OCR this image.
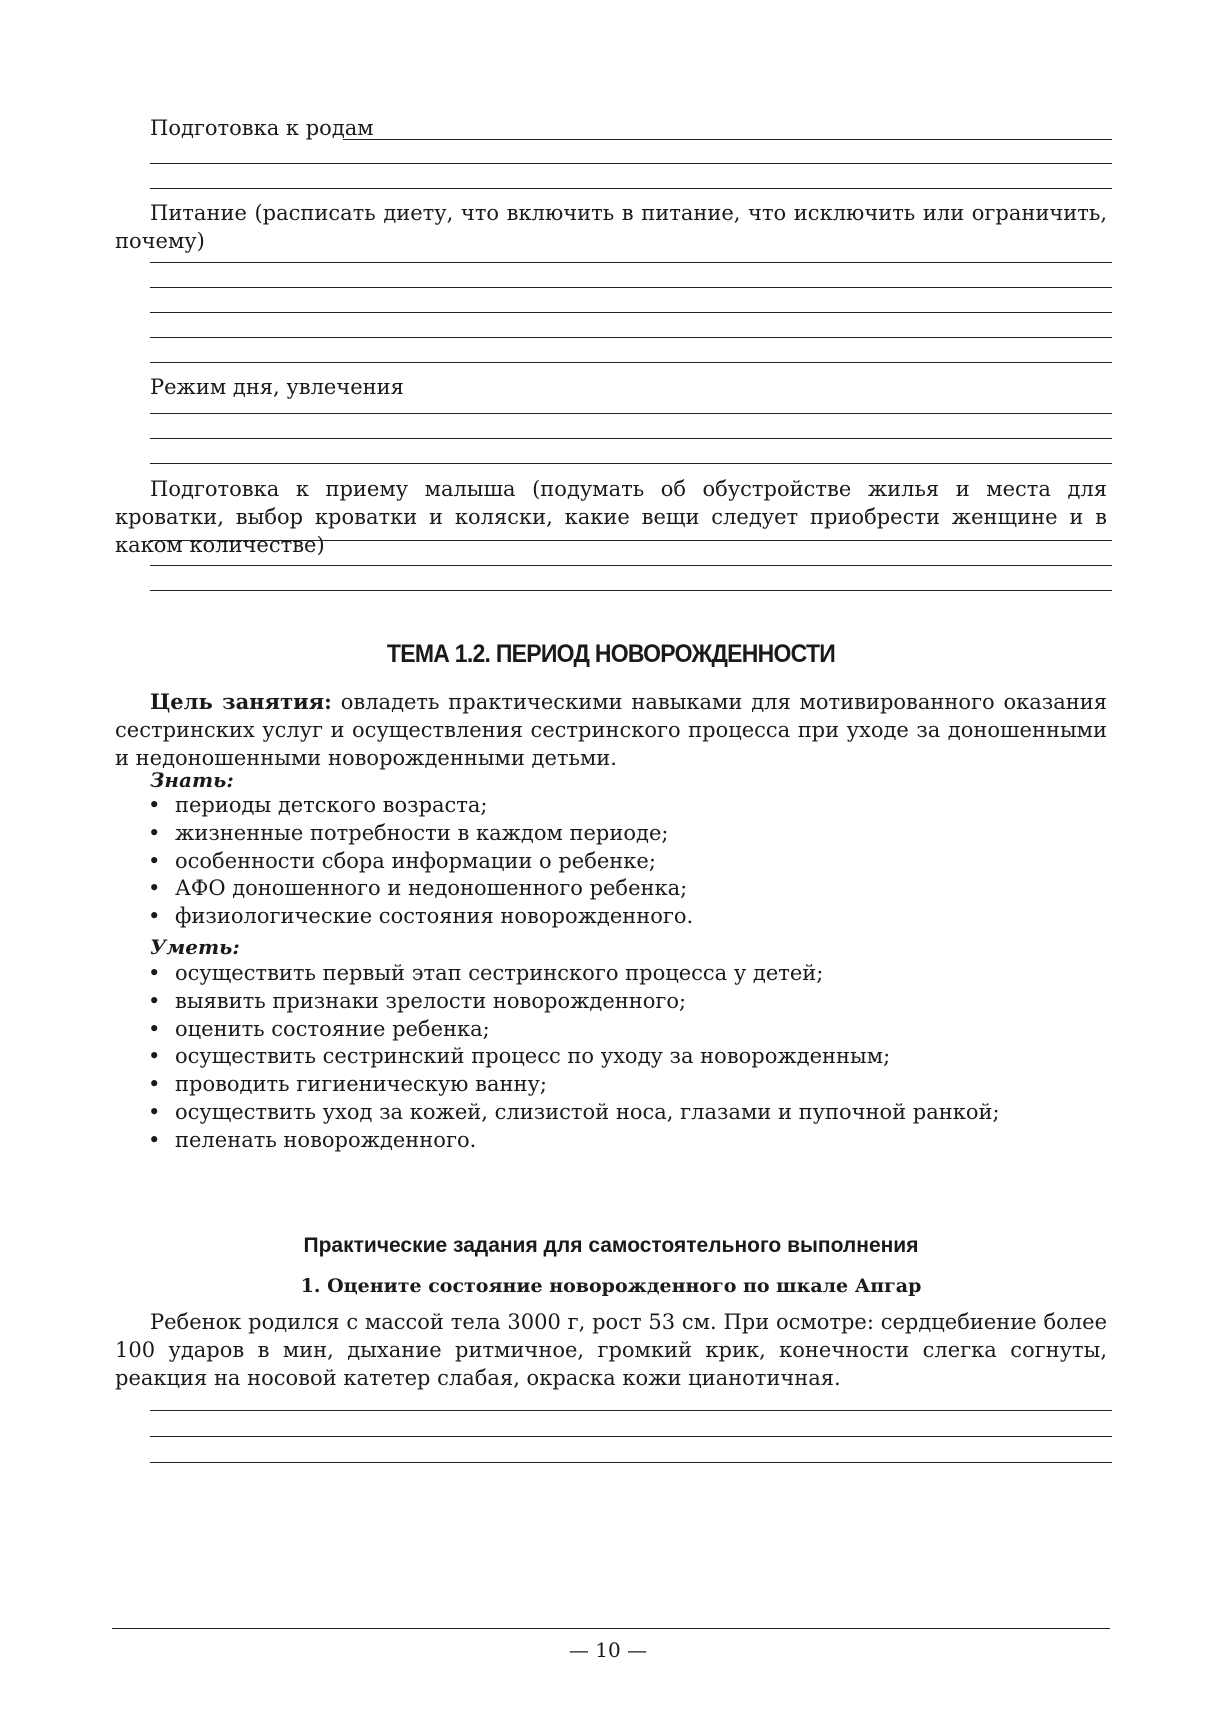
Подготовка к родам
Питание (расписать диету, что включить в питание, что исключить или ограничить, почему)
Режим дня, увлечения
Подготовка к приему малыша (подумать об обустройстве жилья и места для кроватки, выбор кроватки и коляски, какие вещи следует приобрести женщине и в каком количестве)
ТЕМА 1.2. ПЕРИОД НОВОРОЖДЕННОСТИ
Цель занятия: овладеть практическими навыками для мотивированного оказания сестринских услуг и осуществления сестринского процесса при уходе за доношенными и недоношенными новорожденными детьми.
Знать:
• периоды детского возраста;
• жизненные потребности в каждом периоде;
• особенности сбора информации о ребенке;
• АФО доношенного и недоношенного ребенка;
• физиологические состояния новорожденного.
Уметь:
• осуществить первый этап сестринского процесса у детей;
• выявить признаки зрелости новорожденного;
• оценить состояние ребенка;
• осуществить сестринский процесс по уходу за новорожденным;
• проводить гигиеническую ванну;
• осуществить уход за кожей, слизистой носа, глазами и пупочной ранкой;
• пеленать новорожденного.
Практические задания для самостоятельного выполнения
1. Оцените состояние новорожденного по шкале Апгар
Ребенок родился с массой тела 3000 г, рост 53 см. При осмотре: сердцебиение более 100 ударов в мин, дыхание ритмичное, громкий крик, конечности слегка согнуты, реакция на носовой катетер слабая, окраска кожи цианотичная.
— 10 —
